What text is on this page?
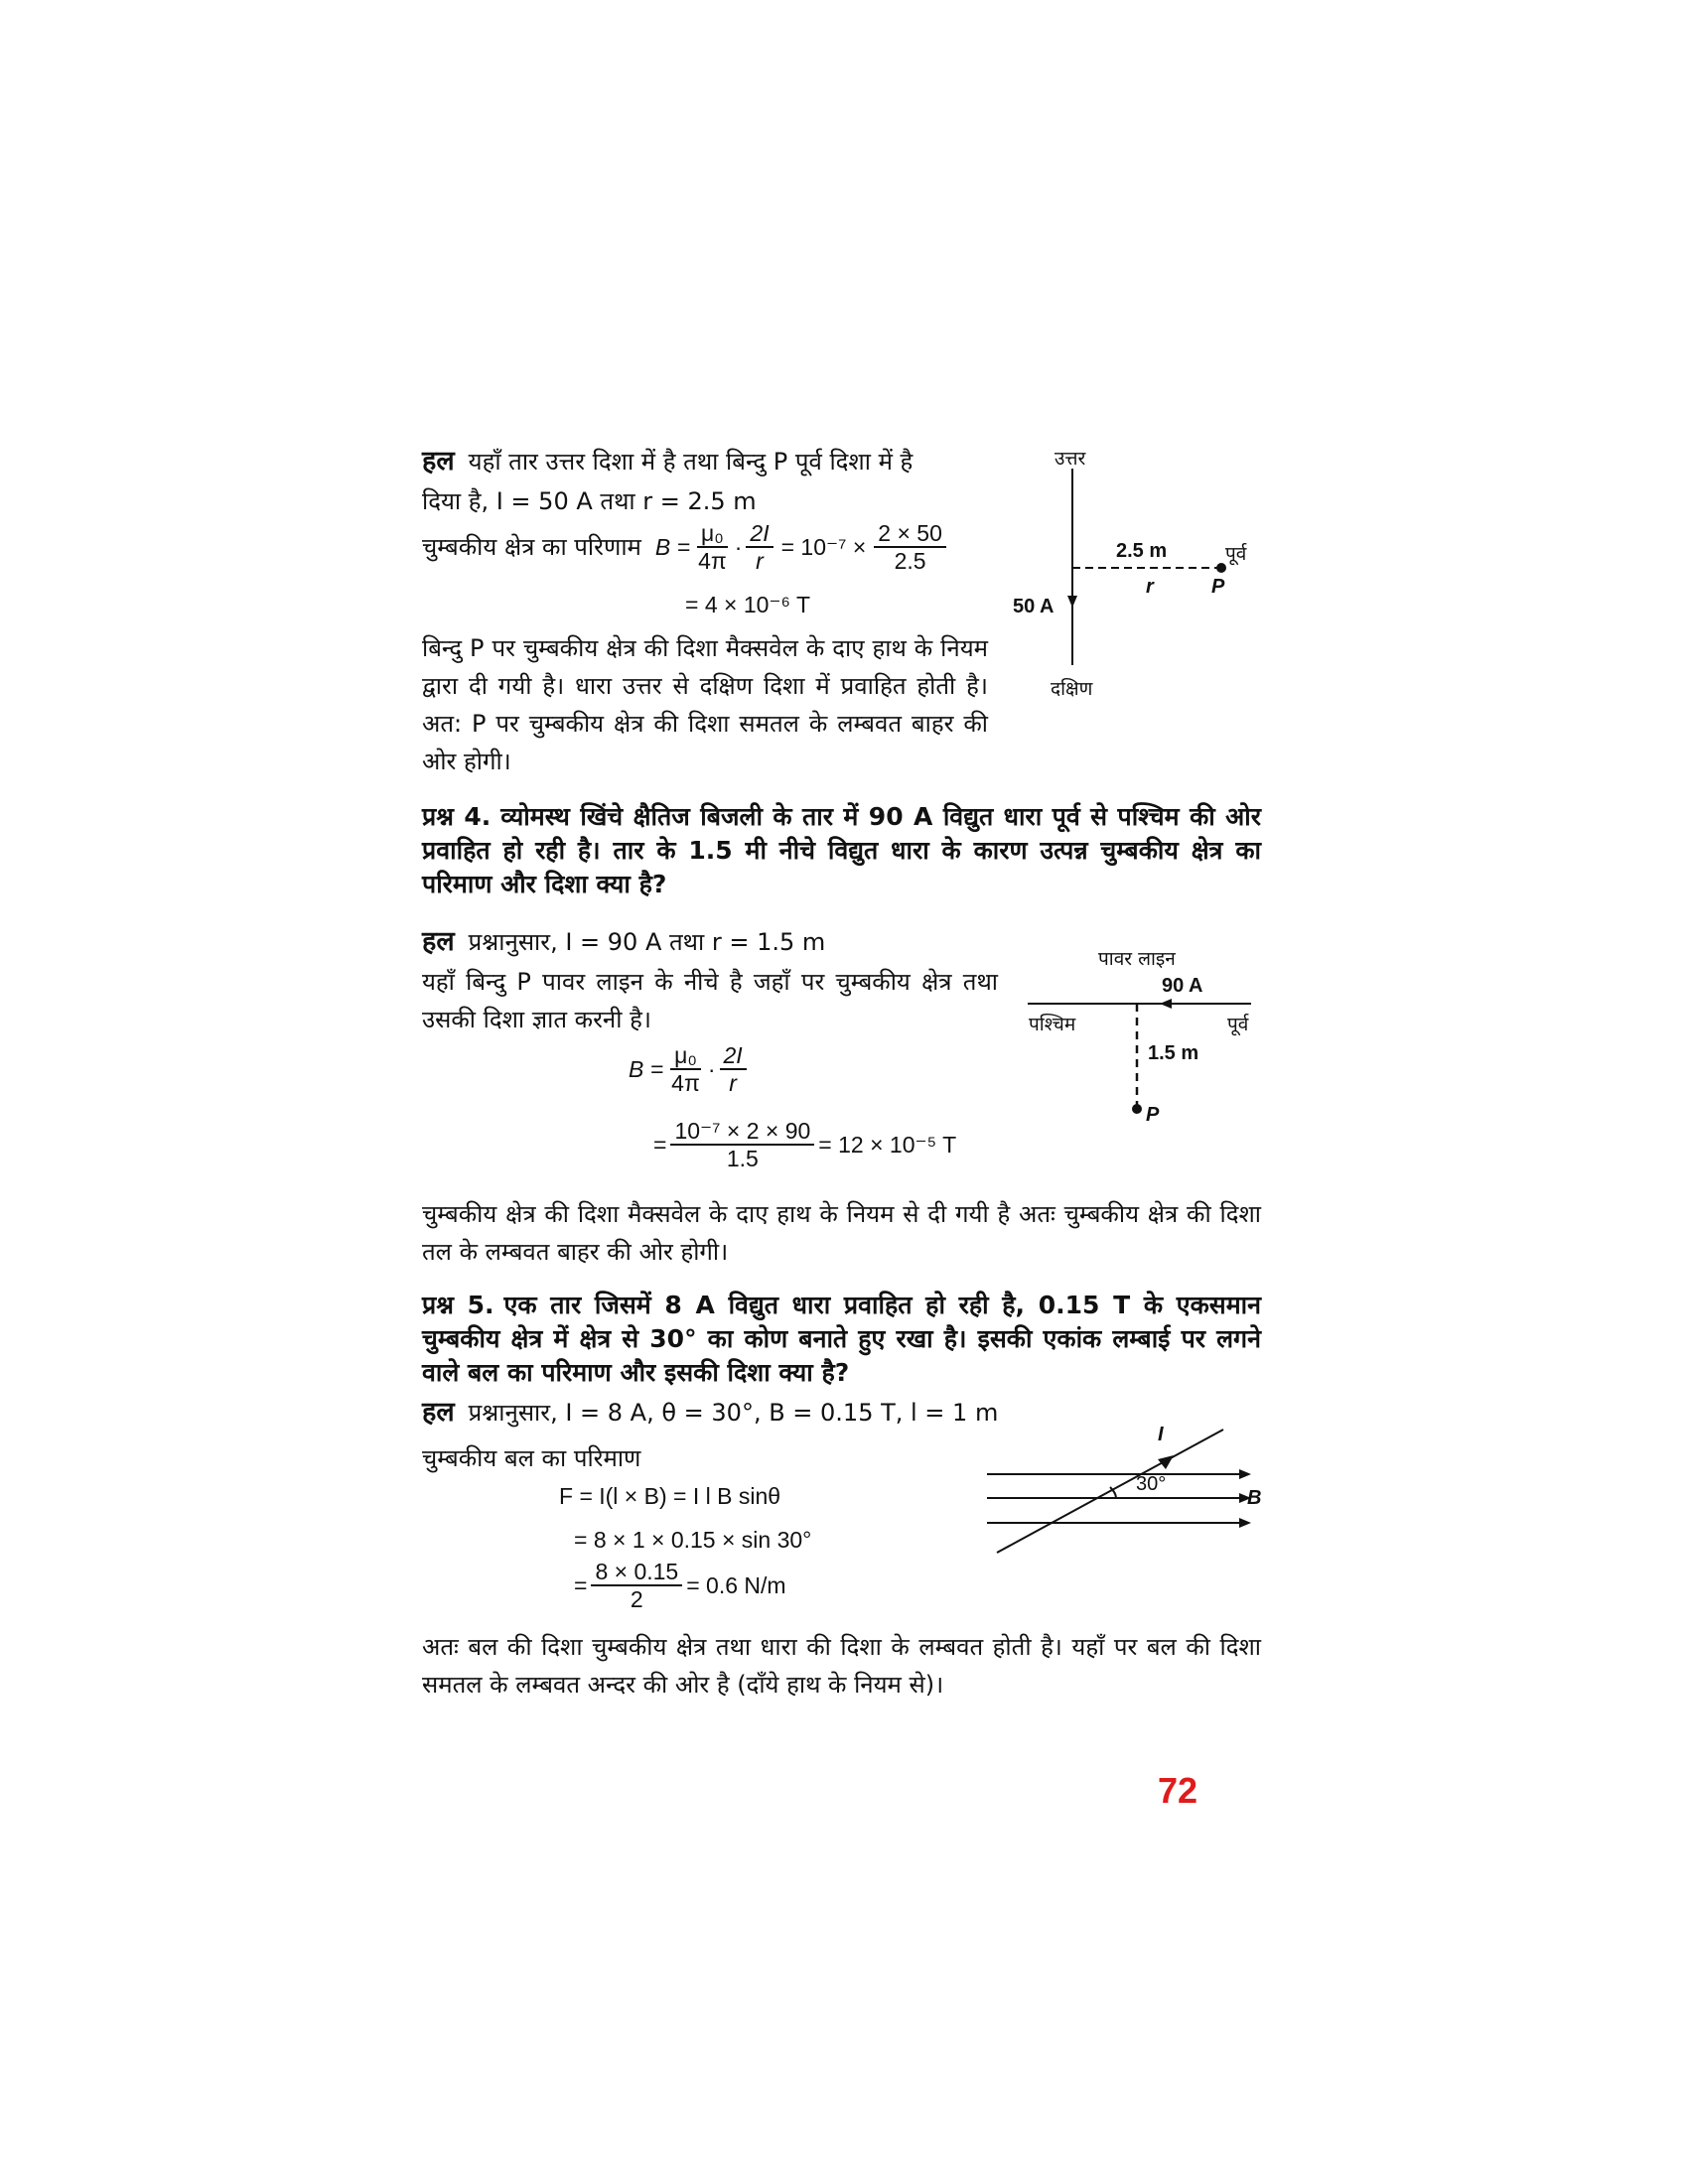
हल यहाँ तार उत्तर दिशा में है तथा बिन्दु P पूर्व दिशा में है
दिया है, I = 50 A तथा r = 2.5 m
चुम्बकीय क्षेत्र का परिणाम $B = \frac{\text{μ₀}}{4\pi} \cdot \frac{2I}{r} = 10^{-7} \times \frac{2 \times 50}{2.5}$
= 4 × 10⁻⁶ T
बिन्दु P पर चुम्बकीय क्षेत्र की दिशा मैक्सवेल के दाए हाथ के नियम द्वारा दी गयी है। धारा उत्तर से दक्षिण दिशा में प्रवाहित होती है। अत: P पर चुम्बकीय क्षेत्र की दिशा समतल के लम्बवत बाहर की ओर होगी।
उत्तर
दक्षिण
पूर्व
50 A
2.5 m
r	P
प्रश्न 4. व्योमस्थ खिंचे क्षैतिज बिजली के तार में 90 A विद्युत धारा पूर्व से पश्चिम की ओर प्रवाहित हो रही है। तार के 1.5 मी नीचे विद्युत धारा के कारण उत्पन्न चुम्बकीय क्षेत्र का परिमाण और दिशा क्या है?
हल प्रश्नानुसार, I = 90 A तथा r = 1.5 m
यहाँ बिन्दु P पावर लाइन के नीचे है जहाँ पर चुम्बकीय क्षेत्र तथा उसकी दिशा ज्ञात करनी है।
$B = \frac{\text{μ₀}}{4\pi} \cdot \frac{2I}{r}$
= $\frac{\text{10⁻⁷ × 2 × 90}}{1.5} = 12 \times 10^{-5}$ T
पावर लाइन
90 A
पश्चिम	पूर्व
1.5 m
P
चुम्बकीय क्षेत्र की दिशा मैक्सवेल के दाए हाथ के नियम से दी गयी है अतः चुम्बकीय क्षेत्र की दिशा तल के लम्बवत बाहर की ओर होगी।
प्रश्न 5. एक तार जिसमें 8 A विद्युत धारा प्रवाहित हो रही है, 0.15 T के एकसमान चुम्बकीय क्षेत्र में क्षेत्र से 30° का कोण बनाते हुए रखा है। इसकी एकांक लम्बाई पर लगने वाले बल का परिमाण और इसकी दिशा क्या है?
हल प्रश्नानुसार, I = 8 A, θ = 30°, B = 0.15 T, l = 1 m
चुम्बकीय बल का परिमाण
F = I(l × B) = I l B sinθ
= 8 × 1 × 0.15 × sin 30°
= $\frac{8 \times 0.15}{2} = 0.6$ N/m
I
30°
B
अतः बल की दिशा चुम्बकीय क्षेत्र तथा धारा की दिशा के लम्बवत होती है। यहाँ पर बल की दिशा समतल के लम्बवत अन्दर की ओर है (दाँये हाथ के नियम से)।
72
